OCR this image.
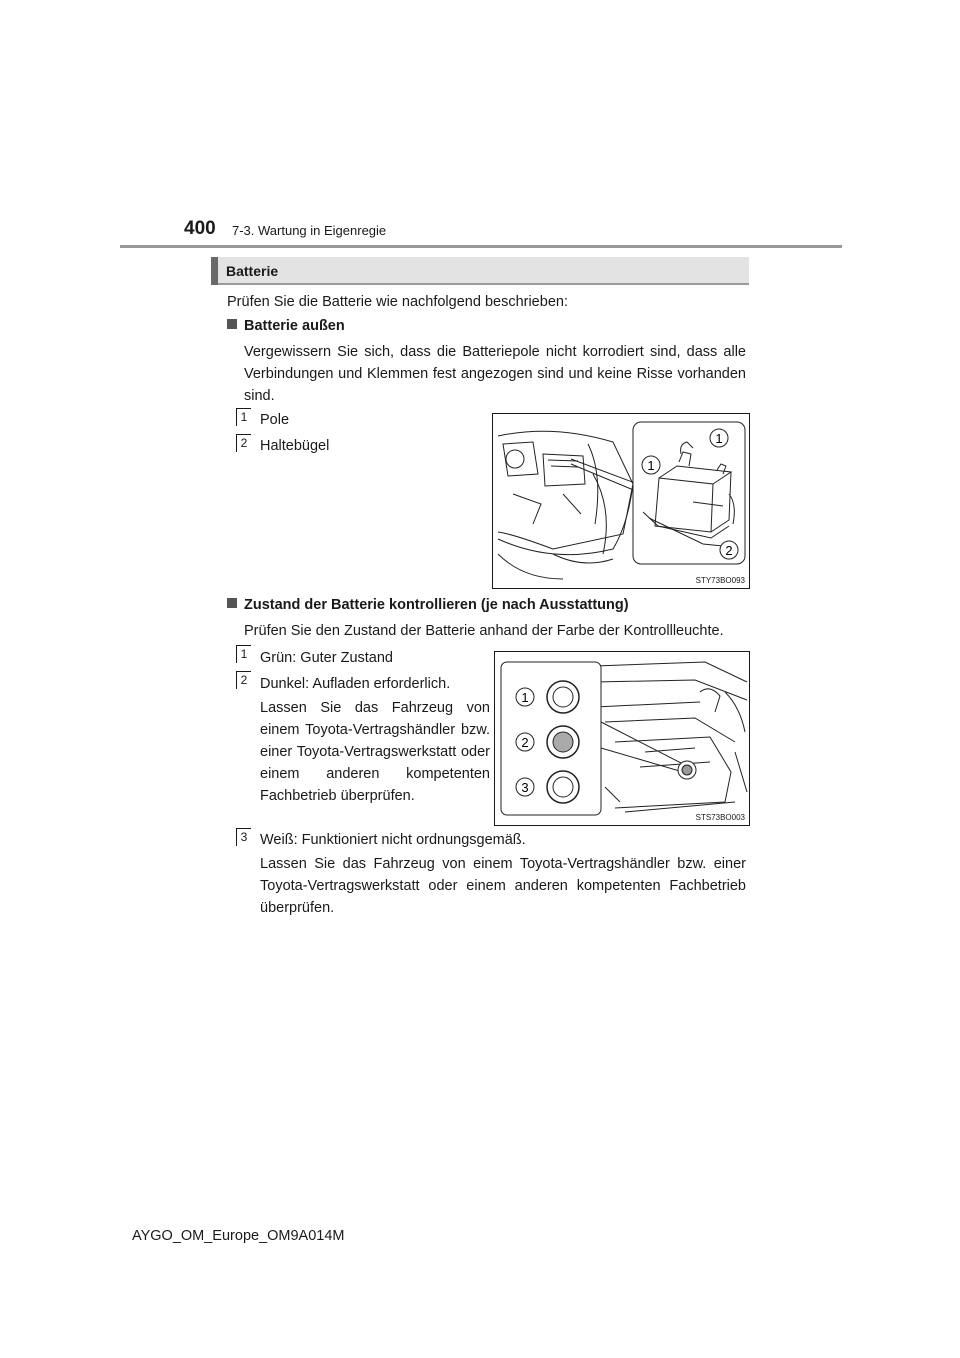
400 7-3. Wartung in Eigenregie
Batterie

Prüfen Sie die Batterie wie nachfolgend beschrieben:

Batterie außen

Vergewissern Sie sich, dass die Batteriepole nicht korrodiert sind, dass alle Verbindungen und Klemmen fest angezogen sind und keine Risse vorhanden sind.

1 Pole

2 Haltebügel	1
1
2
STY73BO093
Zustand der Batterie kontrollieren (je nach Ausstattung)

Prüfen Sie den Zustand der Batterie anhand der Farbe der Kontrollleuchte.

1 Grün: Guter Zustand

2 Dunkel: Aufladen erforderlich.

Lassen Sie das Fahrzeug von einem Toyota-Vertragshändler bzw. einer Toyota-Vertragswerkstatt oder einem anderen kompetenten Fachbetrieb überprüfen.

3 Weiß: Funktioniert nicht ordnungsgemäß.

Lassen Sie das Fahrzeug von einem Toyota-Vertragshändler bzw. einer Toyota-Vertragswerkstatt oder einem anderen kompetenten Fachbetrieb überprüfen.

1
2
3
STS73BO003
AYGO_OM_Europe_OM9A014M
